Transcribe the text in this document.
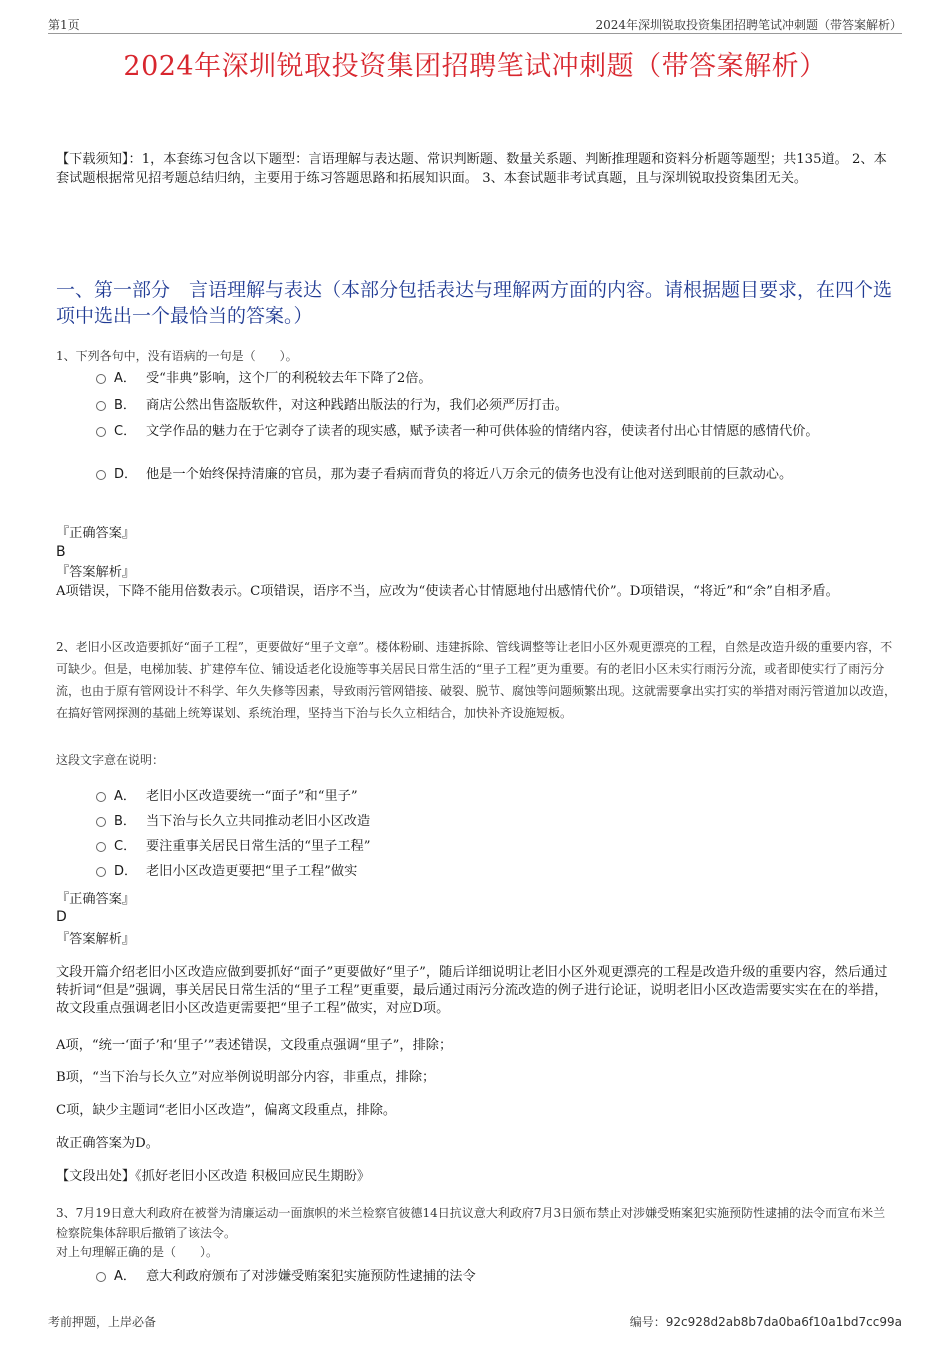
第1页	2024年深圳锐取投资集团招聘笔试冲刺题（带答案解析）
2024年深圳锐取投资集团招聘笔试冲刺题（带答案解析）
【下载须知】：1，本套练习包含以下题型：言语理解与表达题、常识判断题、数量关系题、判断推理题和资料分析题等题型；共135道。 2、本套试题根据常见招考题总结归纳，主要用于练习答题思路和拓展知识面。 3、本套试题非考试真题，且与深圳锐取投资集团无关。
一、第一部分　言语理解与表达（本部分包括表达与理解两方面的内容。请根据题目要求，在四个选项中选出一个最恰当的答案。）
1、下列各句中，没有语病的一句是（　　）。
A． 受“非典”影响，这个厂的利税较去年下降了2倍。
B． 商店公然出售盗版软件，对这种践踏出版法的行为，我们必须严厉打击。
C． 文学作品的魅力在于它剥夺了读者的现实感，赋予读者一种可供体验的情绪内容，使读者付出心甘情愿的感情代价。
D． 他是一个始终保持清廉的官员，那为妻子看病而背负的将近八万余元的债务也没有让他对送到眼前的巨款动心。
『正确答案』
B
『答案解析』
A项错误，下降不能用倍数表示。C项错误，语序不当，应改为“使读者心甘情愿地付出感情代价”。D项错误，“将近”和“余”自相矛盾。
2、老旧小区改造要抓好“面子工程”，更要做好“里子文章”。楼体粉刷、违建拆除、管线调整等让老旧小区外观更漂亮的工程，自然是改造升级的重要内容，不可缺少。但是，电梯加装、扩建停车位、铺设适老化设施等事关居民日常生活的“里子工程”更为重要。有的老旧小区未实行雨污分流，或者即使实行了雨污分流，也由于原有管网设计不科学、年久失修等因素，导致雨污管网错接、破裂、脱节、腐蚀等问题频繁出现。这就需要拿出实打实的举措对雨污管道加以改造，在搞好管网探测的基础上统筹谋划、系统治理，坚持当下治与长久立相结合，加快补齐设施短板。
这段文字意在说明：
A． 老旧小区改造要统一“面子”和“里子”
B． 当下治与长久立共同推动老旧小区改造
C． 要注重事关居民日常生活的“里子工程”
D． 老旧小区改造更要把“里子工程”做实
『正确答案』
D
『答案解析』
文段开篇介绍老旧小区改造应做到要抓好“面子”更要做好“里子”，随后详细说明让老旧小区外观更漂亮的工程是改造升级的重要内容，然后通过转折词“但是”强调，事关居民日常生活的“里子工程”更重要，最后通过雨污分流改造的例子进行论证，说明老旧小区改造需要实实在在的举措，故文段重点强调老旧小区改造更需要把“里子工程”做实，对应D项。
A项，“统一‘面子’和‘里子’”表述错误，文段重点强调“里子”，排除；
B项，“当下治与长久立”对应举例说明部分内容，非重点，排除；
C项，缺少主题词“老旧小区改造”，偏离文段重点，排除。
故正确答案为D。
【文段出处】《抓好老旧小区改造 积极回应民生期盼》
3、7月19日意大利政府在被誉为清廉运动一面旗帜的米兰检察官彼德14日抗议意大利政府7月3日颁布禁止对涉嫌受贿案犯实施预防性逮捕的法令而宣布米兰检察院集体辞职后撤销了该法令。
对上句理解正确的是（　　）。
A． 意大利政府颁布了对涉嫌受贿案犯实施预防性逮捕的法令
考前押题，上岸必备	编号：92c928d2ab8b7da0ba6f10a1bd7cc99a
